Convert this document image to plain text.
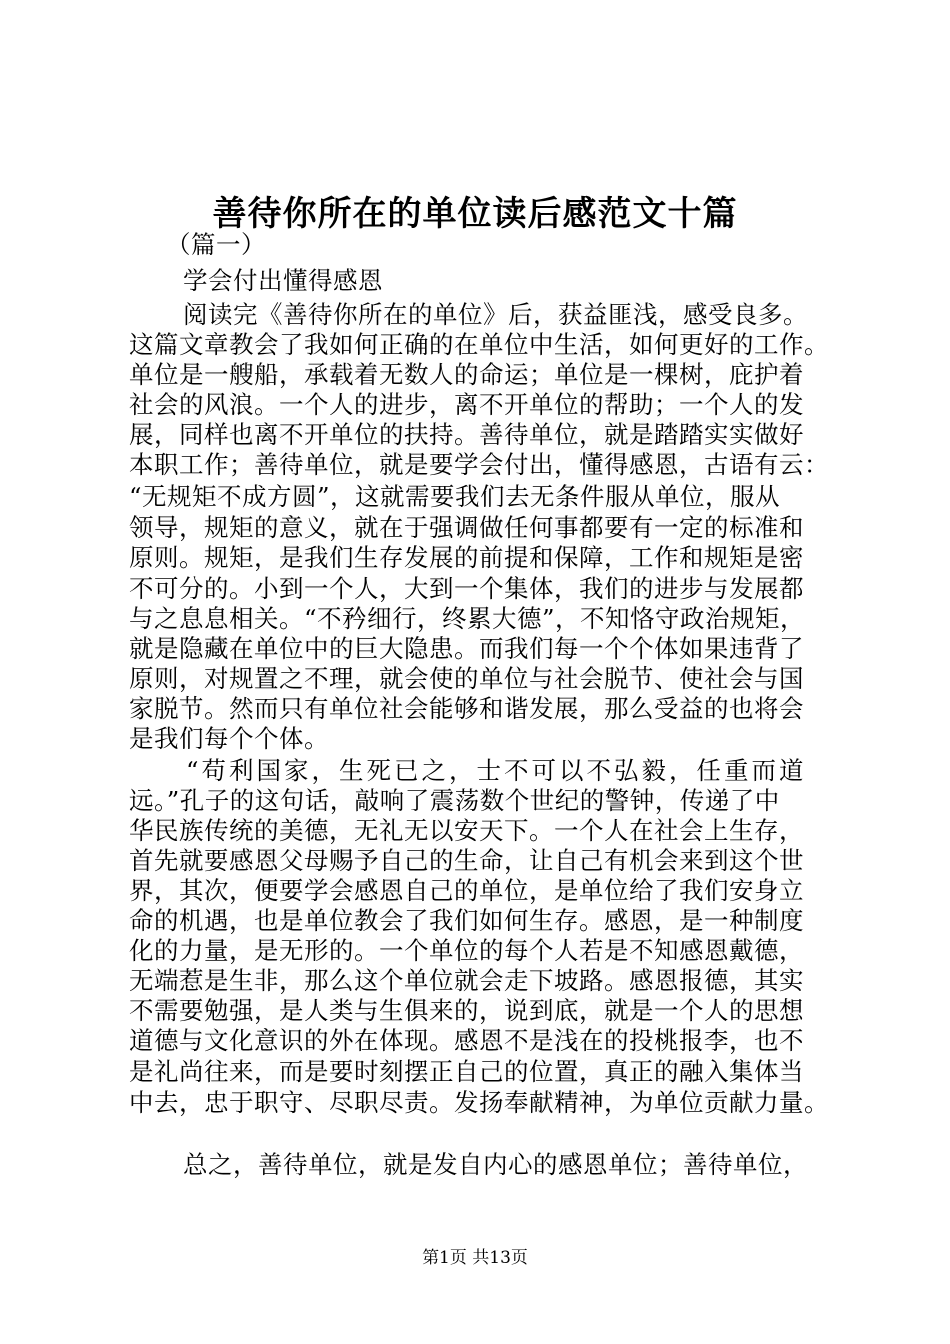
善待你所在的单位读后感范文十篇
（篇一）
学会付出懂得感恩
阅读完《善待你所在的单位》后，获益匪浅，感受良多。
这篇文章教会了我如何正确的在单位中生活，如何更好的工作。
单位是一艘船，承载着无数人的命运；单位是一棵树，庇护着
社会的风浪。一个人的进步，离不开单位的帮助；一个人的发
展，同样也离不开单位的扶持。善待单位，就是踏踏实实做好
本职工作；善待单位，就是要学会付出，懂得感恩，古语有云：
“无规矩不成方圆”，这就需要我们去无条件服从单位，服从
领导，规矩的意义，就在于强调做任何事都要有一定的标准和
原则。规矩，是我们生存发展的前提和保障，工作和规矩是密
不可分的。小到一个人，大到一个集体，我们的进步与发展都
与之息息相关。“不矜细行，终累大德”，不知恪守政治规矩，
就是隐藏在单位中的巨大隐患。而我们每一个个体如果违背了
原则，对规置之不理，就会使的单位与社会脱节、使社会与国
家脱节。然而只有单位社会能够和谐发展，那么受益的也将会
是我们每个个体。
“苟利国家，生死已之，士不可以不弘毅，任重而道
远。”孔子的这句话，敲响了震荡数个世纪的警钟，传递了中
华民族传统的美德，无礼无以安天下。一个人在社会上生存，
首先就要感恩父母赐予自己的生命，让自己有机会来到这个世
界，其次，便要学会感恩自己的单位，是单位给了我们安身立
命的机遇，也是单位教会了我们如何生存。感恩，是一种制度
化的力量，是无形的。一个单位的每个人若是不知感恩戴德，
无端惹是生非，那么这个单位就会走下坡路。感恩报德，其实
不需要勉强，是人类与生俱来的，说到底，就是一个人的思想
道德与文化意识的外在体现。感恩不是浅在的投桃报李，也不
是礼尚往来，而是要时刻摆正自己的位置，真正的融入集体当
中去，忠于职守、尽职尽责。发扬奉献精神，为单位贡献力量。
总之，善待单位，就是发自内心的感恩单位；善待单位，
第1页 共13页
